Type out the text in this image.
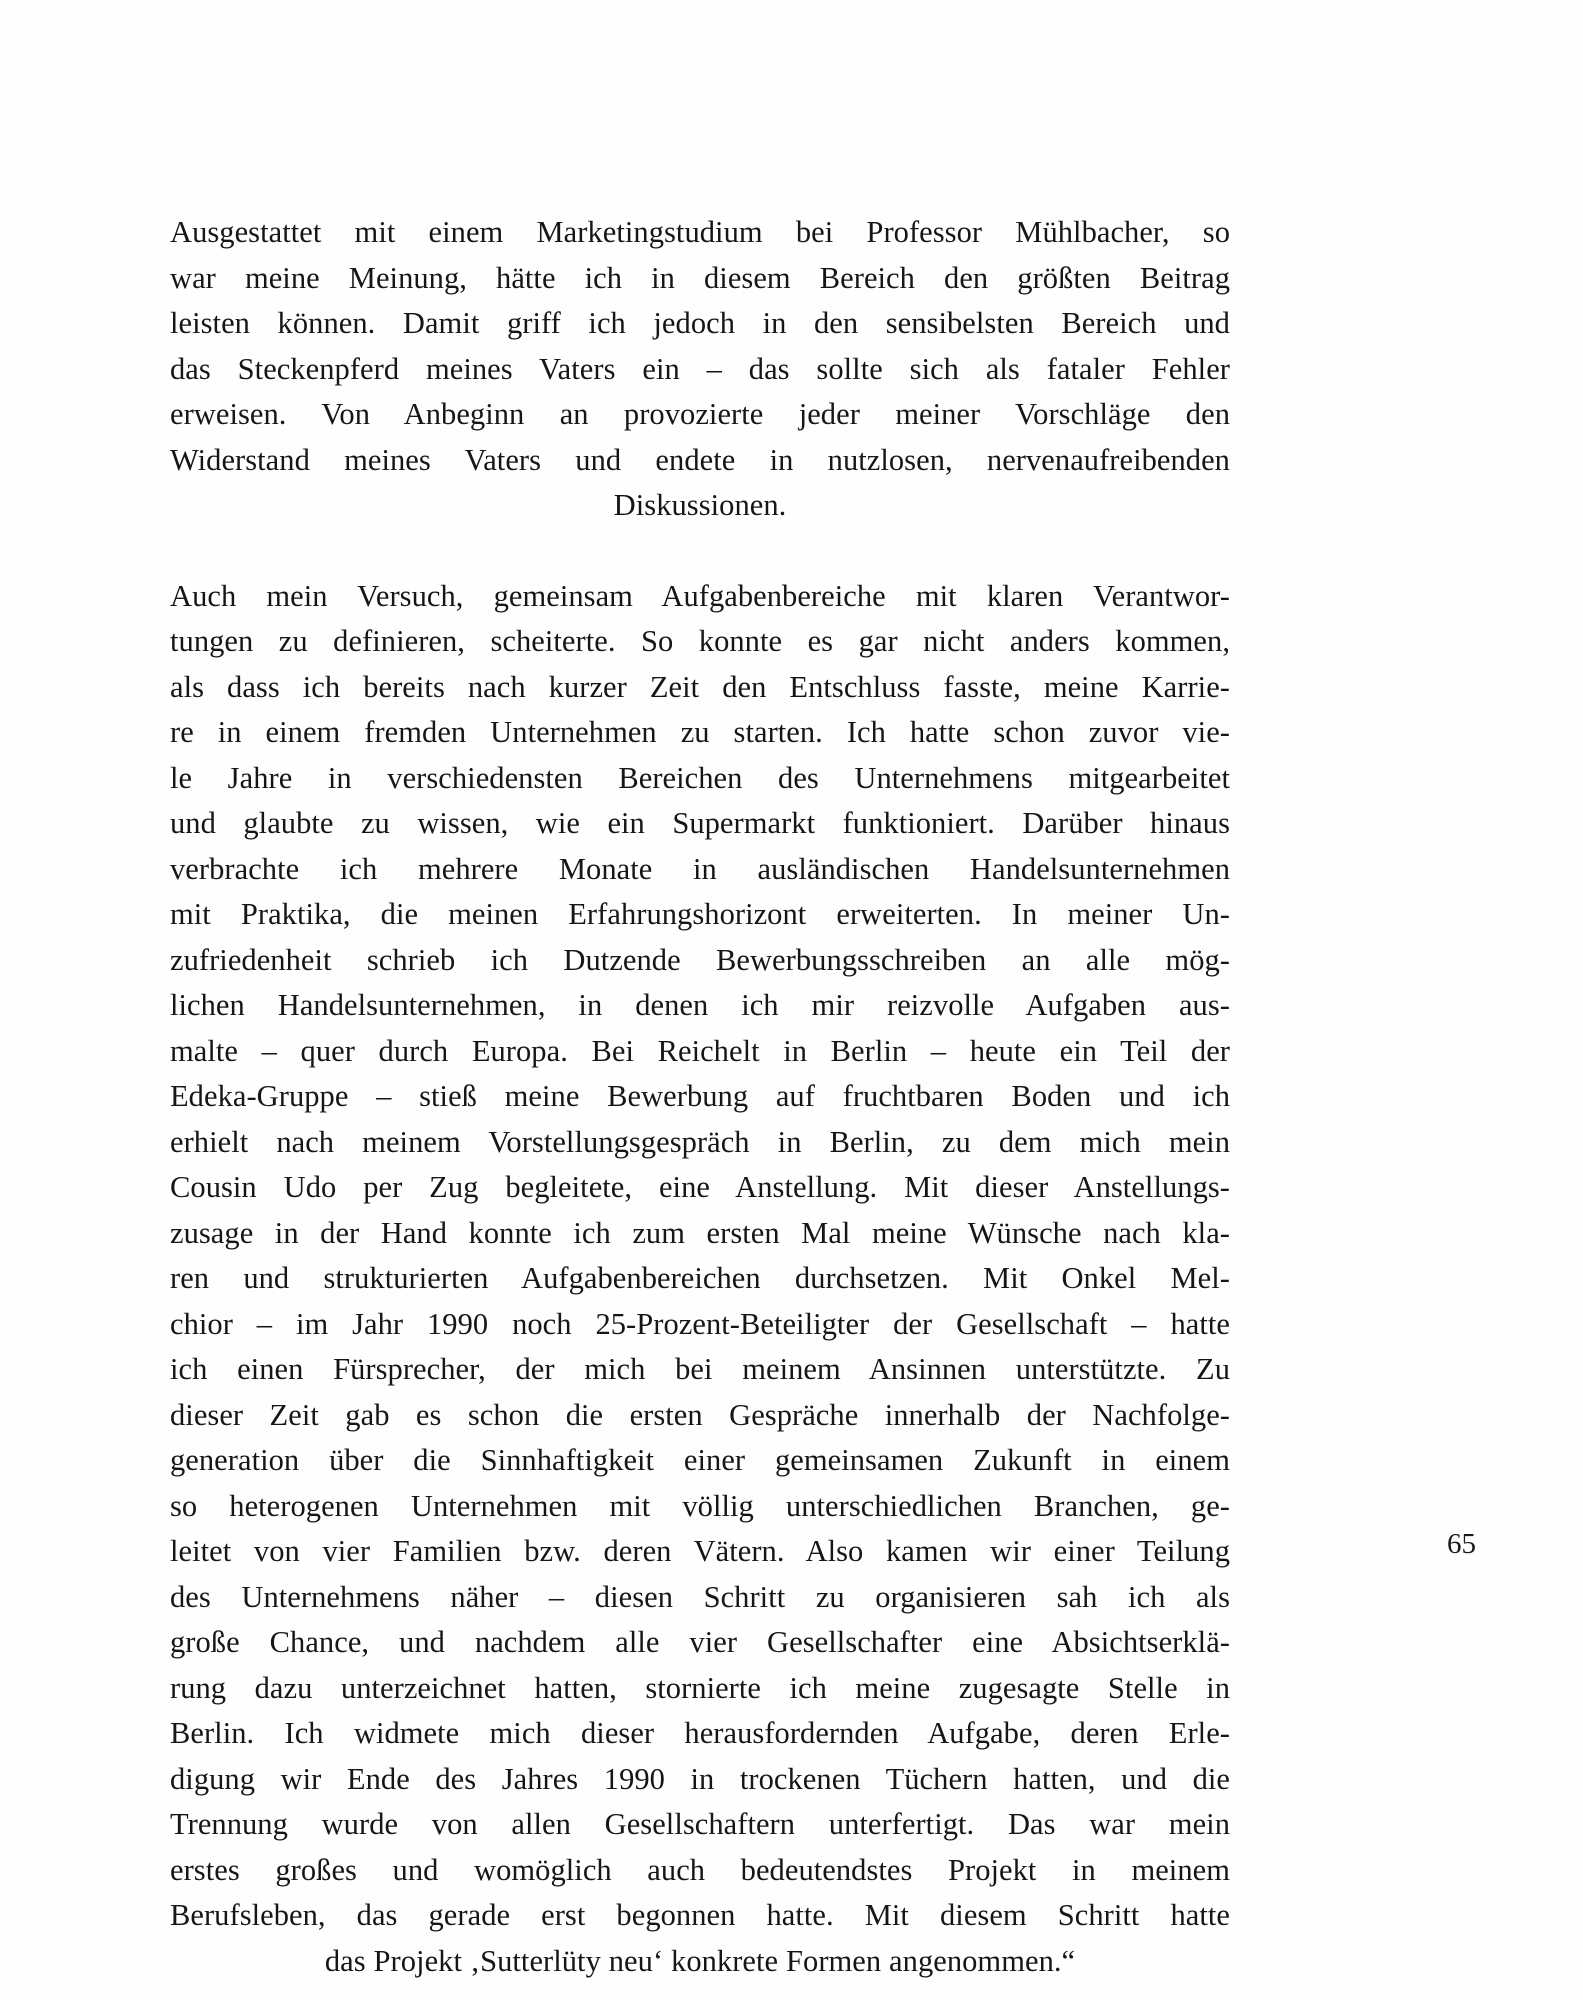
Ausgestattet mit einem Marketingstudium bei Professor Mühlbacher, so
war meine Meinung, hätte ich in diesem Bereich den größten Beitrag
leisten können. Damit griff ich jedoch in den sensibelsten Bereich und
das Steckenpferd meines Vaters ein – das sollte sich als fataler Fehler
erweisen. Von Anbeginn an provozierte jeder meiner Vorschläge den
Widerstand meines Vaters und endete in nutzlosen, nervenaufreibenden
Diskussionen.
Auch mein Versuch, gemeinsam Aufgabenbereiche mit klaren Verantwor-
tungen zu definieren, scheiterte. So konnte es gar nicht anders kommen,
als dass ich bereits nach kurzer Zeit den Entschluss fasste, meine Karrie-
re in einem fremden Unternehmen zu starten. Ich hatte schon zuvor vie-
le Jahre in verschiedensten Bereichen des Unternehmens mitgearbeitet
und glaubte zu wissen, wie ein Supermarkt funktioniert. Darüber hinaus
verbrachte ich mehrere Monate in ausländischen Handelsunternehmen
mit Praktika, die meinen Erfahrungshorizont erweiterten. In meiner Un-
zufriedenheit schrieb ich Dutzende Bewerbungsschreiben an alle mög-
lichen Handelsunternehmen, in denen ich mir reizvolle Aufgaben aus-
malte – quer durch Europa. Bei Reichelt in Berlin – heute ein Teil der
Edeka-Gruppe – stieß meine Bewerbung auf fruchtbaren Boden und ich
erhielt nach meinem Vorstellungsgespräch in Berlin, zu dem mich mein
Cousin Udo per Zug begleitete, eine Anstellung. Mit dieser Anstellungs-
zusage in der Hand konnte ich zum ersten Mal meine Wünsche nach kla-
ren und strukturierten Aufgabenbereichen durchsetzen. Mit Onkel Mel-
chior – im Jahr 1990 noch 25-Prozent-Beteiligter der Gesellschaft – hatte
ich einen Fürsprecher, der mich bei meinem Ansinnen unterstützte. Zu
dieser Zeit gab es schon die ersten Gespräche innerhalb der Nachfolge-
generation über die Sinnhaftigkeit einer gemeinsamen Zukunft in einem
so heterogenen Unternehmen mit völlig unterschiedlichen Branchen, ge-
leitet von vier Familien bzw. deren Vätern. Also kamen wir einer Teilung
des Unternehmens näher – diesen Schritt zu organisieren sah ich als
große Chance, und nachdem alle vier Gesellschafter eine Absichtserklä-
rung dazu unterzeichnet hatten, stornierte ich meine zugesagte Stelle in
Berlin. Ich widmete mich dieser herausfordernden Aufgabe, deren Erle-
digung wir Ende des Jahres 1990 in trockenen Tüchern hatten, und die
Trennung wurde von allen Gesellschaftern unterfertigt. Das war mein
erstes großes und womöglich auch bedeutendstes Projekt in meinem
Berufsleben, das gerade erst begonnen hatte. Mit diesem Schritt hatte
das Projekt ‚Sutterlüty neu‘ konkrete Formen angenommen.“
65
